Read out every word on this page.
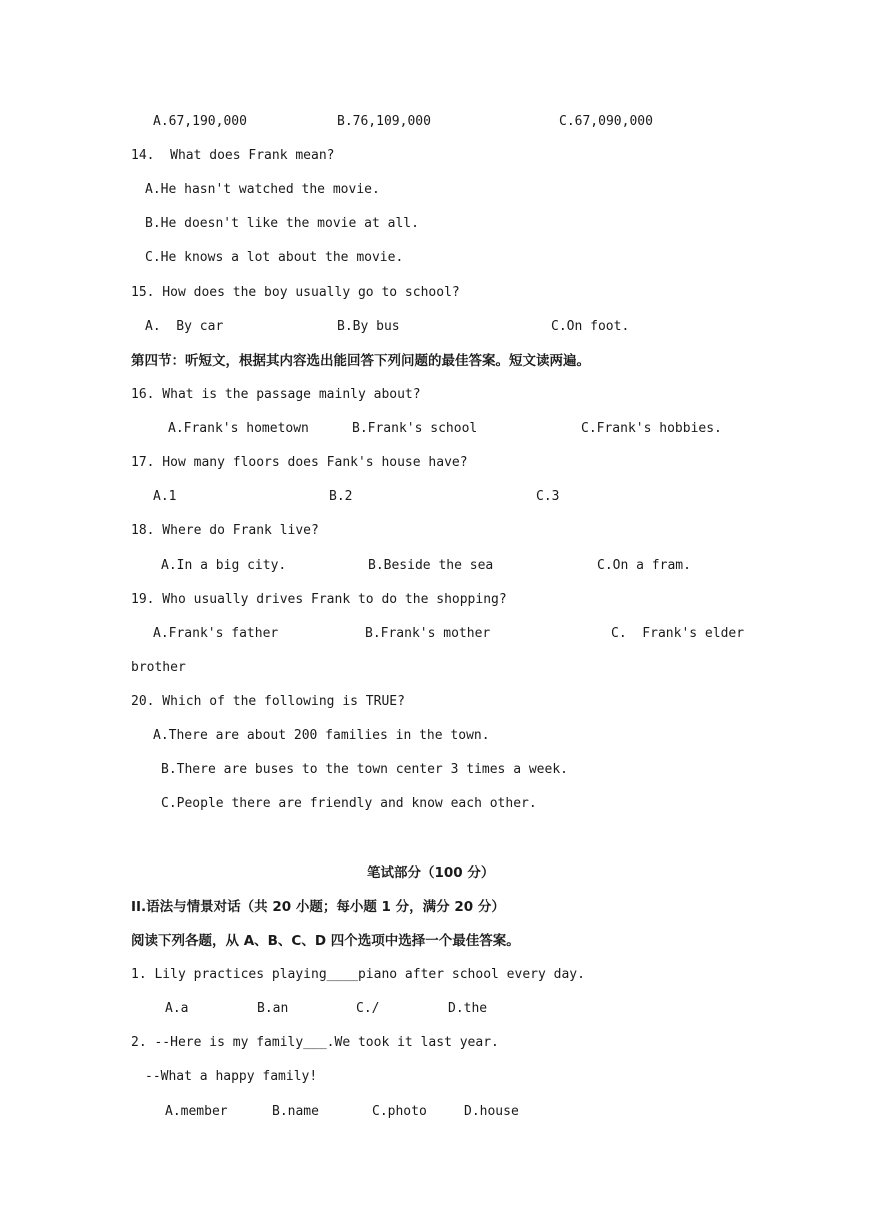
A.67,190,000	B.76,109,000	C.67,090,000
14.  What does Frank mean?
A.He hasn't watched the movie.
B.He doesn't like the movie at all.
C.He knows a lot about the movie.
15. How does the boy usually go to school?
A.  By car	B.By bus	C.On foot.
第四节：听短文，根据其内容选出能回答下列问题的最佳答案。短文读两遍。
16. What is the passage mainly about?
A.Frank's hometown	B.Frank's school	C.Frank's hobbies.
17. How many floors does Fank's house have?
A.1	B.2	C.3
18. Where do Frank live?
A.In a big city.	B.Beside the sea	C.On a fram.
19. Who usually drives Frank to do the shopping?
A.Frank's father	B.Frank's mother	C.  Frank's elder
brother
20. Which of the following is TRUE?
A.There are about 200 families in the town.
B.There are buses to the town center 3 times a week.
C.People there are friendly and know each other.
笔试部分（100 分）
II.语法与情景对话（共 20 小题；每小题 1 分，满分 20 分）
阅读下列各题，从 A、B、C、D 四个选项中选择一个最佳答案。
1. Lily practices playing____piano after school every day.
A.a	B.an	C./	D.the
2. --Here is my family___.We took it last year.
--What a happy family!
A.member	B.name	C.photo	D.house
